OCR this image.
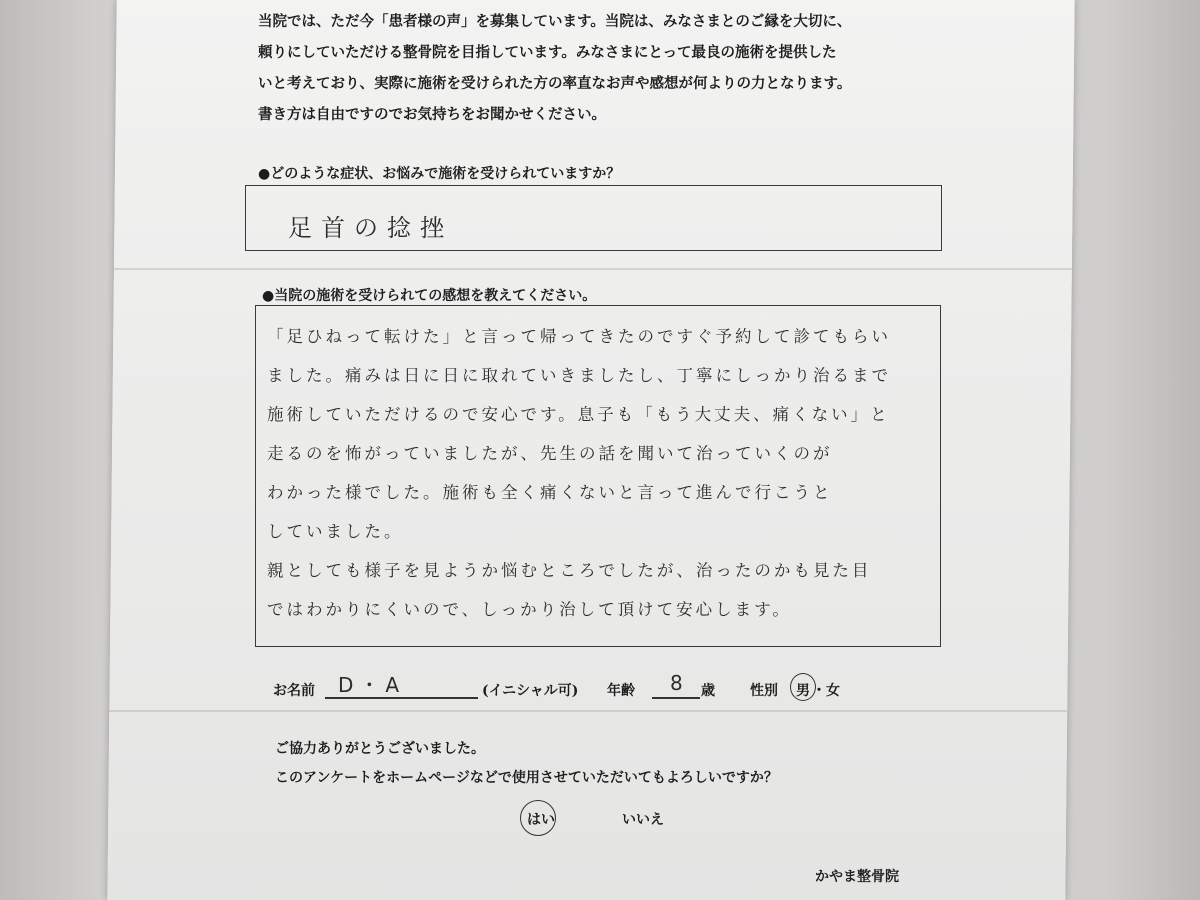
当院では、ただ今「患者様の声」を募集しています。当院は、みなさまとのご縁を大切に、

頼りにしていただける整骨院を目指しています。みなさまにとって最良の施術を提供した

いと考えており、実際に施術を受けられた方の率直なお声や感想が何よりの力となります。

書き方は自由ですのでお気持ちをお聞かせください。

●どのような症状、お悩みで施術を受けられていますか？
足首の捻挫
●当院の施術を受けられての感想を教えてください。
「足ひねって転けた」と言って帰ってきたのですぐ予約して診てもらい
ました。痛みは日に日に取れていきましたし、丁寧にしっかり治るまで
施術していただけるので安心です。息子も「もう大丈夫、痛くない」と
走るのを怖がっていましたが、先生の話を聞いて治っていくのが
わかった様でした。施術も全く痛くないと言って進んで行こうと
していました。
親としても様子を見ようか悩むところでしたが、治ったのかも見た目
ではわかりにくいので、しっかり治して頂けて安心します。
お名前 D・A	(イニシャル可) 年齢 8 歳	性別 男 ・ 女
ご協力ありがとうございました。
このアンケートをホームページなどで使用させていただいてもよろしいですか？
はい	いいえ
かやま整骨院
